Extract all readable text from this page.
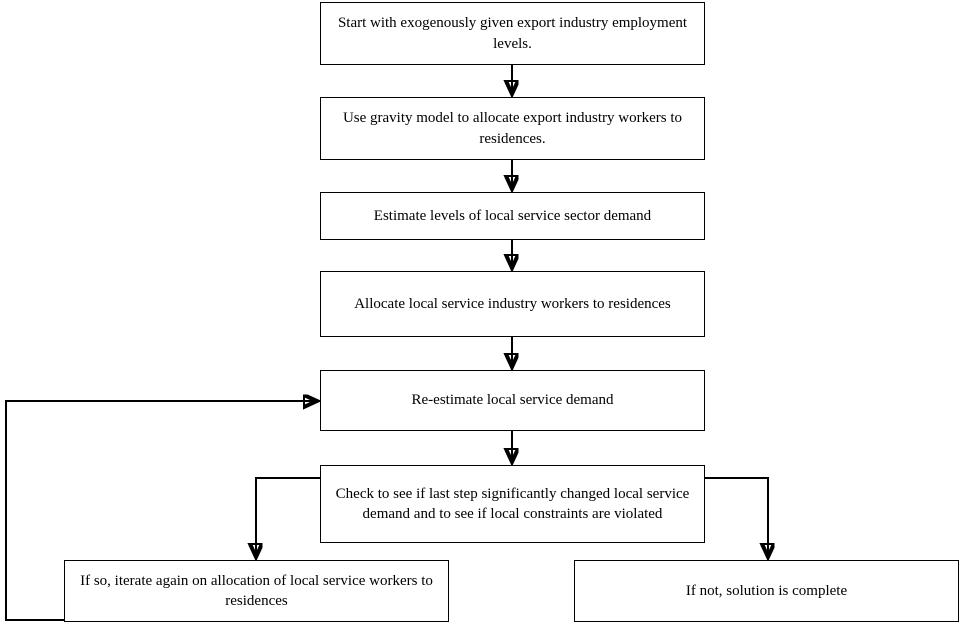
Start with exogenously given export industry employment levels.
Use gravity model to allocate export industry workers to residences.
Estimate levels of local service sector demand
Allocate local service industry workers to residences
Re-estimate local service demand
Check to see if last step significantly changed local service demand and to see if local constraints are violated
If so, iterate again on allocation of local service workers to residences
If not, solution is complete
